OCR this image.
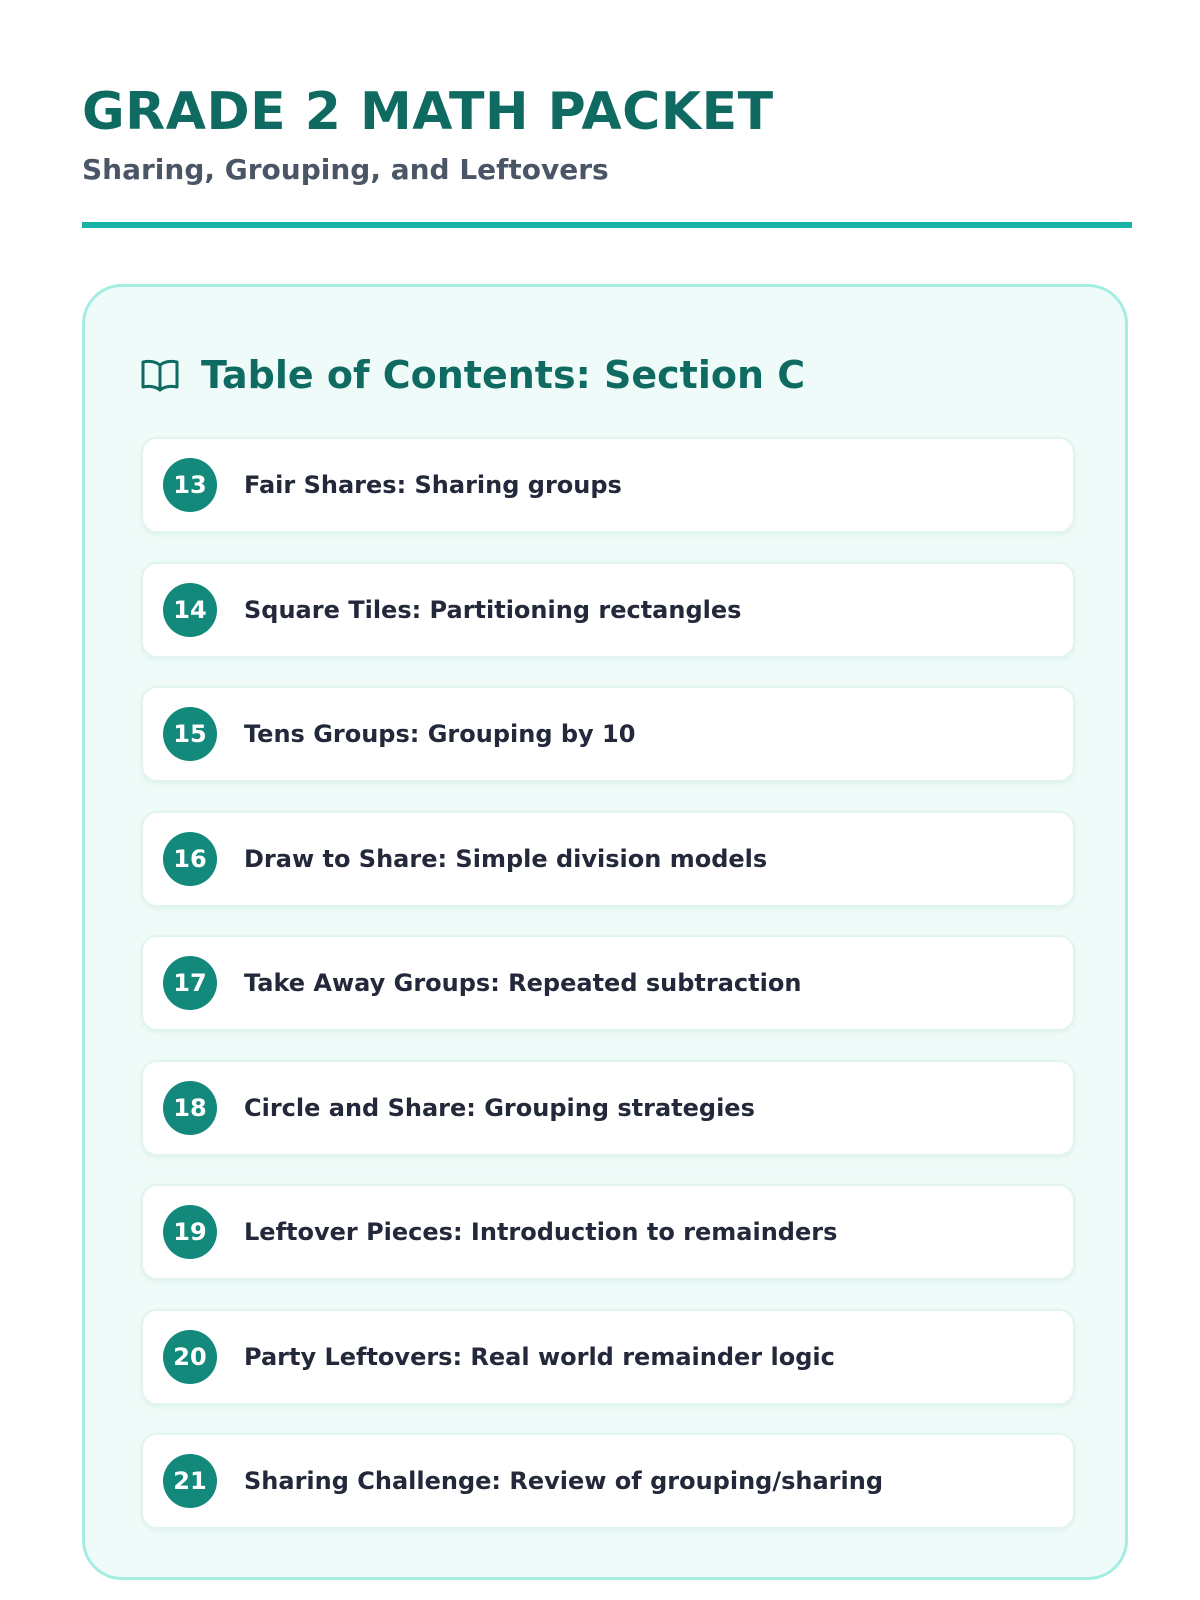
GRADE 2 MATH PACKET
Sharing, Grouping, and Leftovers
Table of Contents: Section C
13	Fair Shares: Sharing groups
14	Square Tiles: Partitioning rectangles
15	Tens Groups: Grouping by 10
16	Draw to Share: Simple division models
17	Take Away Groups: Repeated subtraction
18	Circle and Share: Grouping strategies
19	Leftover Pieces: Introduction to remainders
20	Party Leftovers: Real world remainder logic
21	Sharing Challenge: Review of grouping/sharing
